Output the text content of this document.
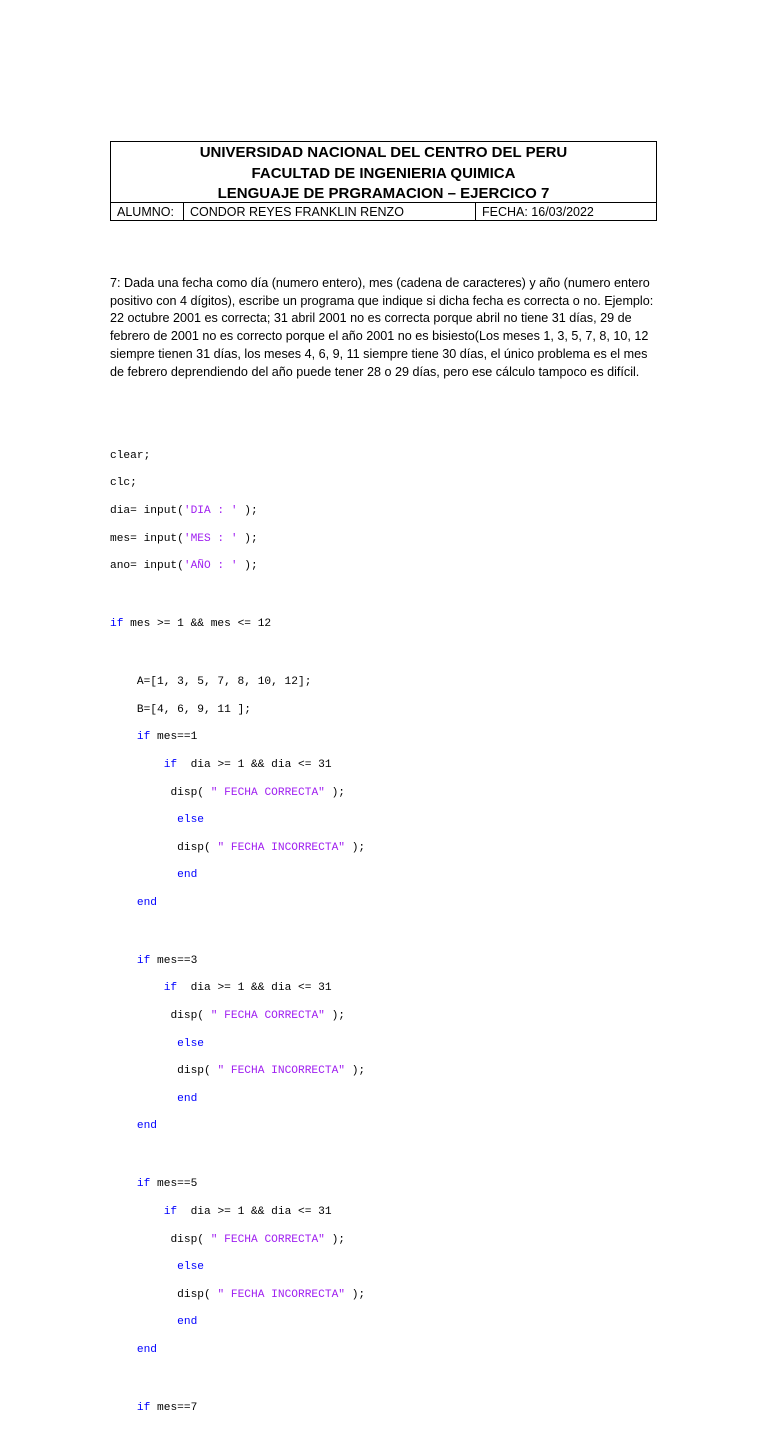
UNIVERSIDAD NACIONAL DEL CENTRO DEL PERU
FACULTAD DE INGENIERIA QUIMICA
LENGUAJE DE PRGRAMACION – EJERCICO 7
ALUMNO:	CONDOR REYES FRANKLIN RENZO	FECHA: 16/03/2022

7: Dada una fecha como día (numero entero), mes (cadena de caracteres) y año (numero entero positivo con 4 dígitos), escribe un programa que indique si dicha fecha es correcta o no. Ejemplo: 22 octubre 2001 es correcta; 31 abril 2001 no es correcta porque abril no tiene 31 días, 29 de febrero de 2001 no es correcto porque el año 2001 no es bisiesto(Los meses 1, 3, 5, 7, 8, 10, 12 siempre tienen 31 días, los meses 4, 6, 9, 11 siempre tiene 30 días, el único problema es el mes de febrero deprendiendo del año puede tener 28 o 29 días, pero ese cálculo tampoco es difícil.

clear;

clc;

dia= input('DIA : ' );

mes= input('MES : ' );

ano= input('AÑO : ' );

if mes >= 1 && mes <= 12

A=[1, 3, 5, 7, 8, 10, 12];

B=[4, 6, 9, 11 ];

if mes==1

if  dia >= 1 && dia <= 31

disp( " FECHA CORRECTA" );

else

disp( " FECHA INCORRECTA" );

end

end

if mes==3

if  dia >= 1 && dia <= 31

disp( " FECHA CORRECTA" );

else

disp( " FECHA INCORRECTA" );

end

end

if mes==5

if  dia >= 1 && dia <= 31

disp( " FECHA CORRECTA" );

else

disp( " FECHA INCORRECTA" );

end

end

if mes==7
